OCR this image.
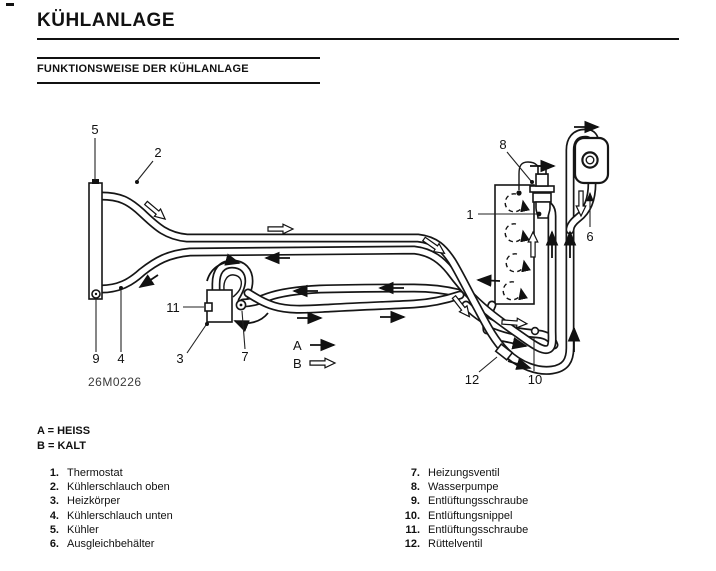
KÜHLANLAGE
FUNKTIONSWEISE DER KÜHLANLAGE
5
2
9 4
11
3	7
8
1
6
12	10
A
B
26M0226
A = HEISS
B = KALT
1. Thermostat
2. Kühlerschlauch oben
3. Heizkörper
4. Kühlerschlauch unten
5. Kühler
6. Ausgleichbehälter
7. Heizungsventil
8. Wasserpumpe
9. Entlüftungsschraube
10. Entlüftungsnippel
11. Entlüftungsschraube
12. Rüttelventil
